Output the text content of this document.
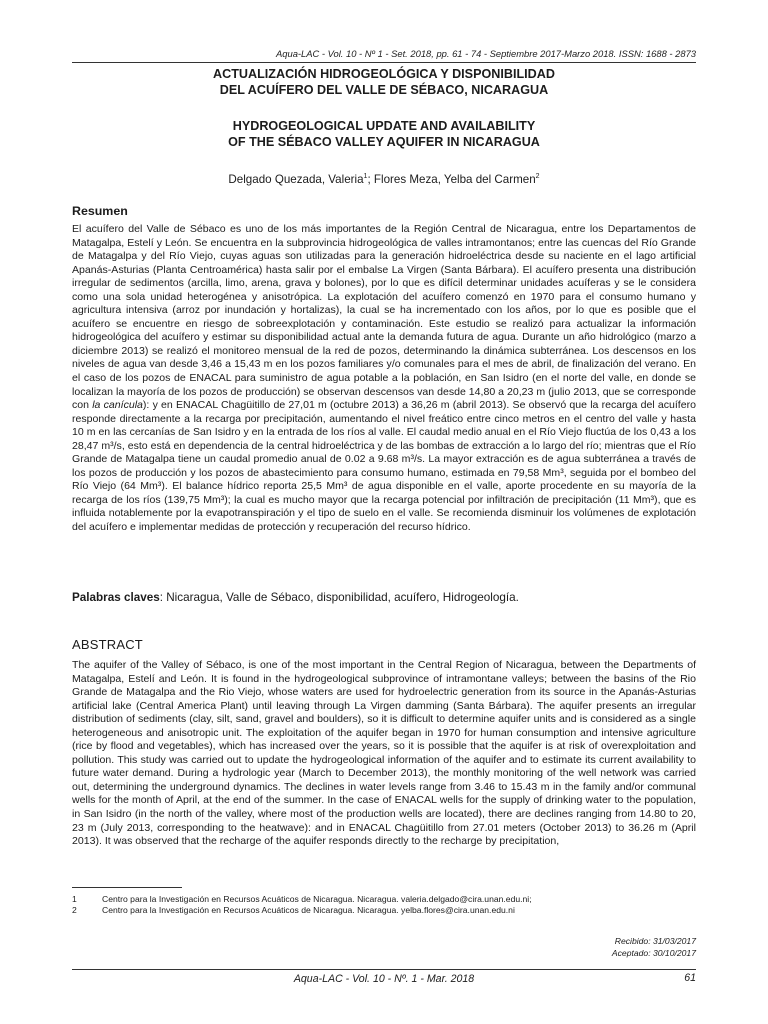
Aqua-LAC - Vol. 10 - Nº 1 - Set. 2018, pp. 61 - 74 - Septiembre 2017-Marzo 2018. ISSN: 1688 - 2873
ACTUALIZACIÓN HIDROGEOLÓGICA Y DISPONIBILIDAD
DEL ACUÍFERO DEL VALLE DE SÉBACO, NICARAGUA
HYDROGEOLOGICAL UPDATE AND AVAILABILITY
OF THE SÉBACO VALLEY AQUIFER IN NICARAGUA
Delgado Quezada, Valeria$^1$; Flores Meza, Yelba del Carmen$^2$
Resumen
El acuífero del Valle de Sébaco es uno de los más importantes de la Región Central de Nicaragua, entre los Departamentos de Matagalpa, Estelí y León. Se encuentra en la subprovincia hidrogeológica de valles intramontanos; entre las cuencas del Río Grande de Matagalpa y del Río Viejo, cuyas aguas son utilizadas para la generación hidroeléctrica desde su naciente en el lago artificial Apanás-Asturias (Planta Centroamérica) hasta salir por el embalse La Virgen (Santa Bárbara). El acuífero presenta una distribución irregular de sedimentos (arcilla, limo, arena, grava y bolones), por lo que es difícil determinar unidades acuíferas y se le considera como una sola unidad heterogénea y anisotrópica. La explotación del acuífero comenzó en 1970 para el consumo humano y agricultura intensiva (arroz por inundación y hortalizas), la cual se ha incrementado con los años, por lo que es posible que el acuífero se encuentre en riesgo de sobreexplotación y contaminación. Este estudio se realizó para actualizar la información hidrogeológica del acuífero y estimar su disponibilidad actual ante la demanda futura de agua. Durante un año hidrológico (marzo a diciembre 2013) se realizó el monitoreo mensual de la red de pozos, determinando la dinámica subterránea. Los descensos en los niveles de agua van desde 3,46 a 15,43 m en los pozos familiares y/o comunales para el mes de abril, de finalización del verano. En el caso de los pozos de ENACAL para suministro de agua potable a la población, en San Isidro (en el norte del valle, en donde se localizan la mayoría de los pozos de producción) se observan descensos van desde 14,80 a 20,23 m (julio 2013, que se corresponde con la canícula): y en ENACAL Chagüitillo de 27,01 m (octubre 2013) a 36,26 m (abril 2013). Se observó que la recarga del acuífero responde directamente a la recarga por precipitación, aumentando el nivel freático entre cinco metros en el centro del valle y hasta 10 m en las cercanías de San Isidro y en la entrada de los ríos al valle. El caudal medio anual en el Río Viejo fluctúa de los 0,43 a los 28,47 m³/s, esto está en dependencia de la central hidroeléctrica y de las bombas de extracción a lo largo del río; mientras que el Río Grande de Matagalpa tiene un caudal promedio anual de 0.02 a 9.68 m³/s. La mayor extracción es de agua subterránea a través de los pozos de producción y los pozos de abastecimiento para consumo humano, estimada en 79,58 Mm³, seguida por el bombeo del Río Viejo (64 Mm³). El balance hídrico reporta 25,5 Mm³ de agua disponible en el valle, aporte procedente en su mayoría de la recarga de los ríos (139,75 Mm³); la cual es mucho mayor que la recarga potencial por infiltración de precipitación (11 Mm³), que es influida notablemente por la evapotranspiración y el tipo de suelo en el valle. Se recomienda disminuir los volúmenes de explotación del acuífero e implementar medidas de protección y recuperación del recurso hídrico.
Palabras claves: Nicaragua, Valle de Sébaco, disponibilidad, acuífero, Hidrogeología.
ABSTRACT
The aquifer of the Valley of Sébaco, is one of the most important in the Central Region of Nicaragua, between the Departments of Matagalpa, Estelí and León. It is found in the hydrogeological subprovince of intramontane valleys; between the basins of the Rio Grande de Matagalpa and the Rio Viejo, whose waters are used for hydroelectric generation from its source in the Apanás-Asturias artificial lake (Central America Plant) until leaving through La Virgen damming (Santa Bárbara). The aquifer presents an irregular distribution of sediments (clay, silt, sand, gravel and boulders), so it is difficult to determine aquifer units and is considered as a single heterogeneous and anisotropic unit. The exploitation of the aquifer began in 1970 for human consumption and intensive agriculture (rice by flood and vegetables), which has increased over the years, so it is possible that the aquifer is at risk of overexploitation and pollution. This study was carried out to update the hydrogeological information of the aquifer and to estimate its current availability to future water demand. During a hydrologic year (March to December 2013), the monthly monitoring of the well network was carried out, determining the underground dynamics. The declines in water levels range from 3.46 to 15.43 m in the family and/or communal wells for the month of April, at the end of the summer. In the case of ENACAL wells for the supply of drinking water to the population, in San Isidro (in the north of the valley, where most of the production wells are located), there are declines ranging from 14.80 to 20, 23 m (July 2013, corresponding to the heatwave): and in ENACAL Chagüitillo from 27.01 meters (October 2013) to 36.26 m (April 2013). It was observed that the recharge of the aquifer responds directly to the recharge by precipitation,
1	Centro para la Investigación en Recursos Acuáticos de Nicaragua. Nicaragua. valeria.delgado@cira.unan.edu.ni;
2	Centro para la Investigación en Recursos Acuáticos de Nicaragua. Nicaragua. yelba.flores@cira.unan.edu.ni
Recibido: 31/03/2017
Aceptado: 30/10/2017
Aqua-LAC - Vol. 10 - Nº. 1 - Mar. 2018	61
